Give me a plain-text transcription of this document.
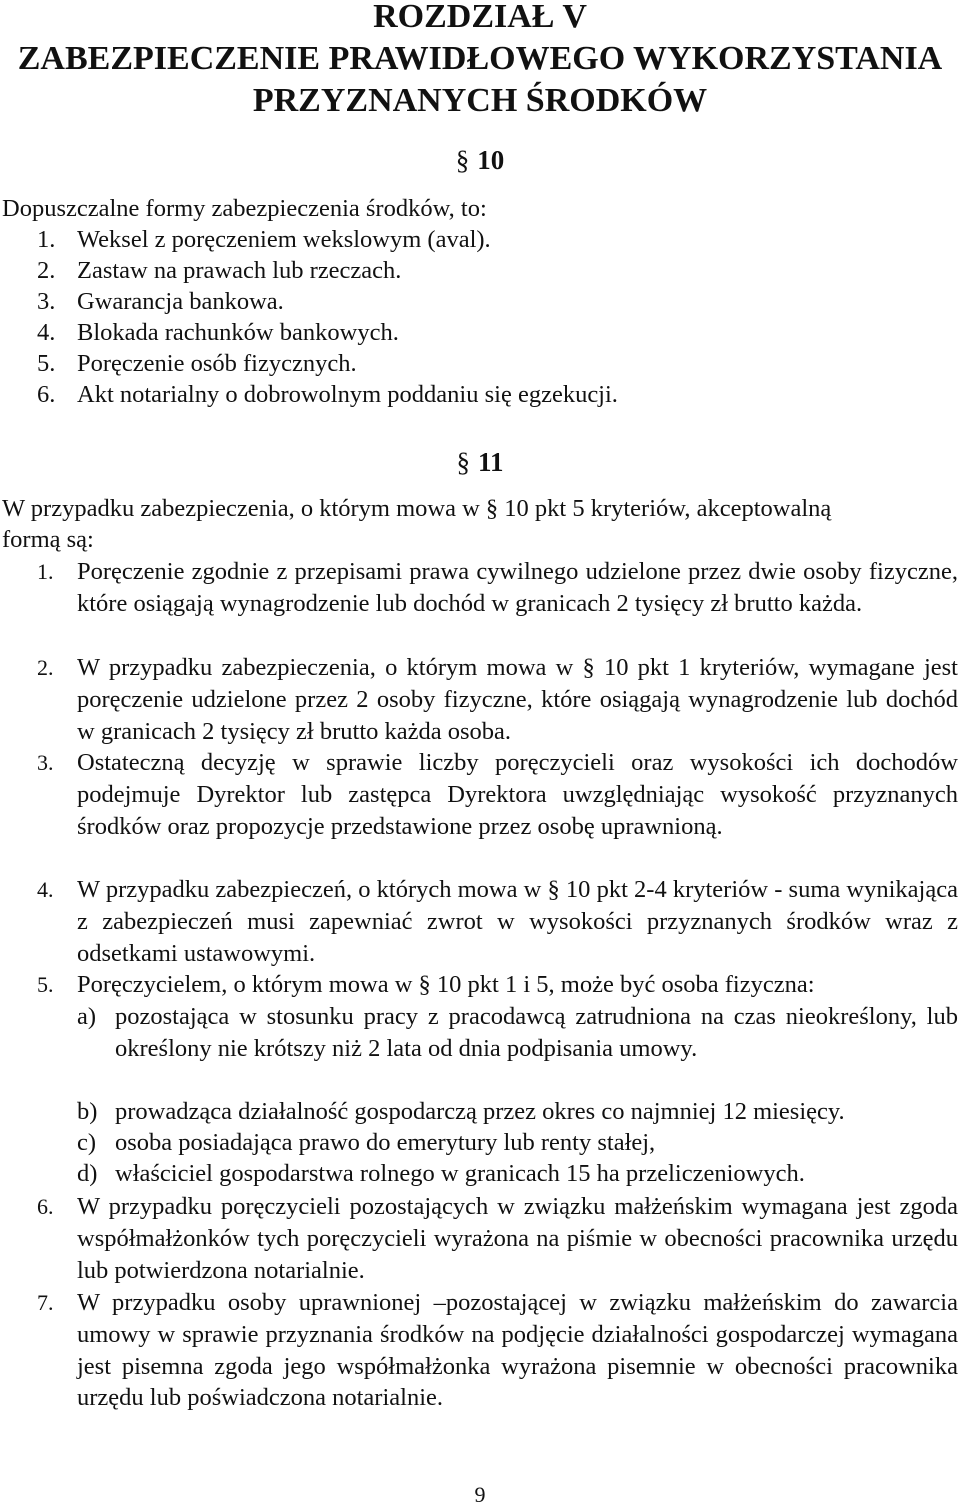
ROZDZIAŁ V
ZABEZPIECZENIE PRAWIDŁOWEGO WYKORZYSTANIA
PRZYZNANYCH ŚRODKÓW
§ 10
Dopuszczalne formy zabezpieczenia środków, to:
1. Weksel z poręczeniem wekslowym (aval).
2. Zastaw na prawach lub rzeczach.
3. Gwarancja bankowa.
4. Blokada rachunków bankowych.
5. Poręczenie osób fizycznych.
6. Akt notarialny o dobrowolnym poddaniu się egzekucji.
§ 11
W przypadku zabezpieczenia, o którym mowa w § 10 pkt 5 kryteriów, akceptowalną
formą są:
1. Poręczenie zgodnie z przepisami prawa cywilnego udzielone przez dwie osoby fizyczne, które osiągają wynagrodzenie lub dochód w granicach 2 tysięcy zł brutto każda.
2. W przypadku zabezpieczenia, o którym mowa w § 10 pkt 1 kryteriów, wymagane jest poręczenie udzielone przez 2 osoby fizyczne, które osiągają wynagrodzenie lub dochód w granicach 2 tysięcy zł brutto każda osoba.
3. Ostateczną decyzję w sprawie liczby poręczycieli oraz wysokości ich dochodów podejmuje Dyrektor lub zastępca Dyrektora uwzględniając wysokość przyznanych środków oraz propozycje przedstawione przez osobę uprawnioną.
4. W przypadku zabezpieczeń, o których mowa w § 10 pkt 2-4 kryteriów - suma wynikająca z zabezpieczeń musi zapewniać zwrot w wysokości przyznanych środków wraz z odsetkami ustawowymi.
5. Poręczycielem, o którym mowa w § 10 pkt 1 i 5, może być osoba fizyczna:
a) pozostająca w stosunku pracy z pracodawcą zatrudniona na czas nieokreślony, lub określony nie krótszy niż 2 lata od dnia podpisania umowy.
b) prowadząca działalność gospodarczą przez okres co najmniej 12 miesięcy.
c) osoba posiadająca prawo do emerytury lub renty stałej,
d) właściciel gospodarstwa rolnego w granicach 15 ha przeliczeniowych.
6. W przypadku poręczycieli pozostających w związku małżeńskim wymagana jest zgoda współmałżonków tych poręczycieli wyrażona na piśmie w obecności pracownika urzędu lub potwierdzona notarialnie.
7. W przypadku osoby uprawnionej –pozostającej w związku małżeńskim do zawarcia umowy w sprawie przyznania środków na podjęcie działalności gospodarczej wymagana jest pisemna zgoda jego współmałżonka wyrażona pisemnie w obecności pracownika urzędu lub poświadczona notarialnie.
9
